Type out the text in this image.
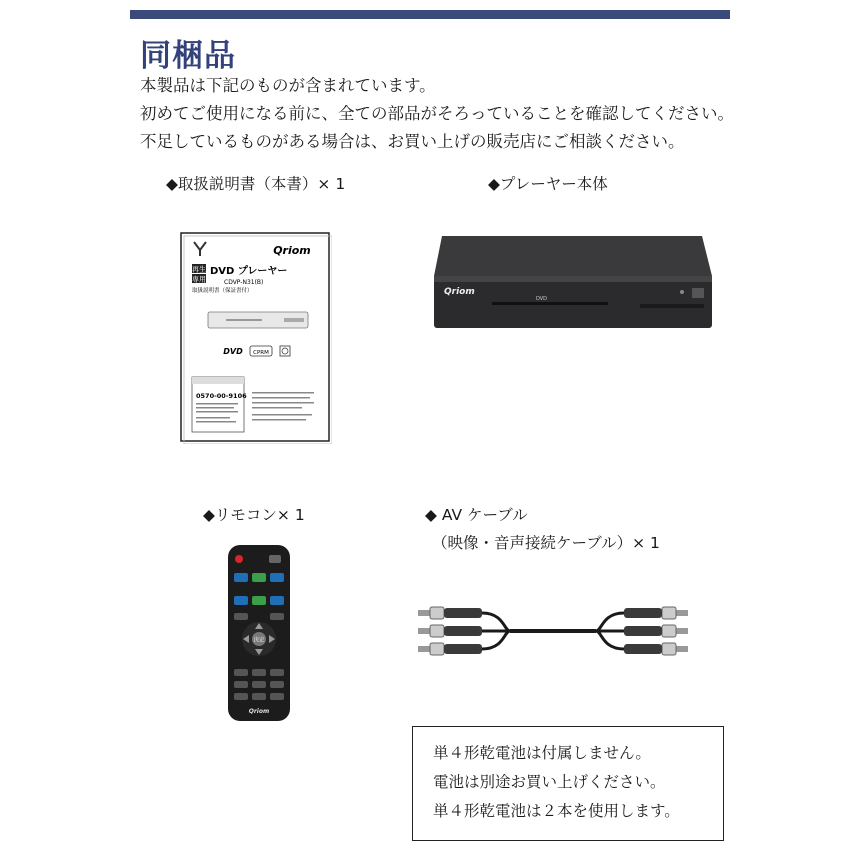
同梱品
本製品は下記のものが含まれています。
初めてご使用になる前に、全ての部品がそろっていることを確認してください。
不足しているものがある場合は、お買い上げの販売店にご相談ください。
◆取扱説明書（本書）× 1	◆プレーヤー本体
◆リモコン× 1	◆ AV ケーブル
（映像・音声接続ケーブル）× 1
Qriom
再生
専用
DVD プレーヤー
CDVP-N31(B)
取扱説明書（保証書付）
DVD CPRM
0570-00-9106
Qriom
DVD
決定
Qriom
単４形乾電池は付属しません。
電池は別途お買い上げください。
単４形乾電池は２本を使用します。
